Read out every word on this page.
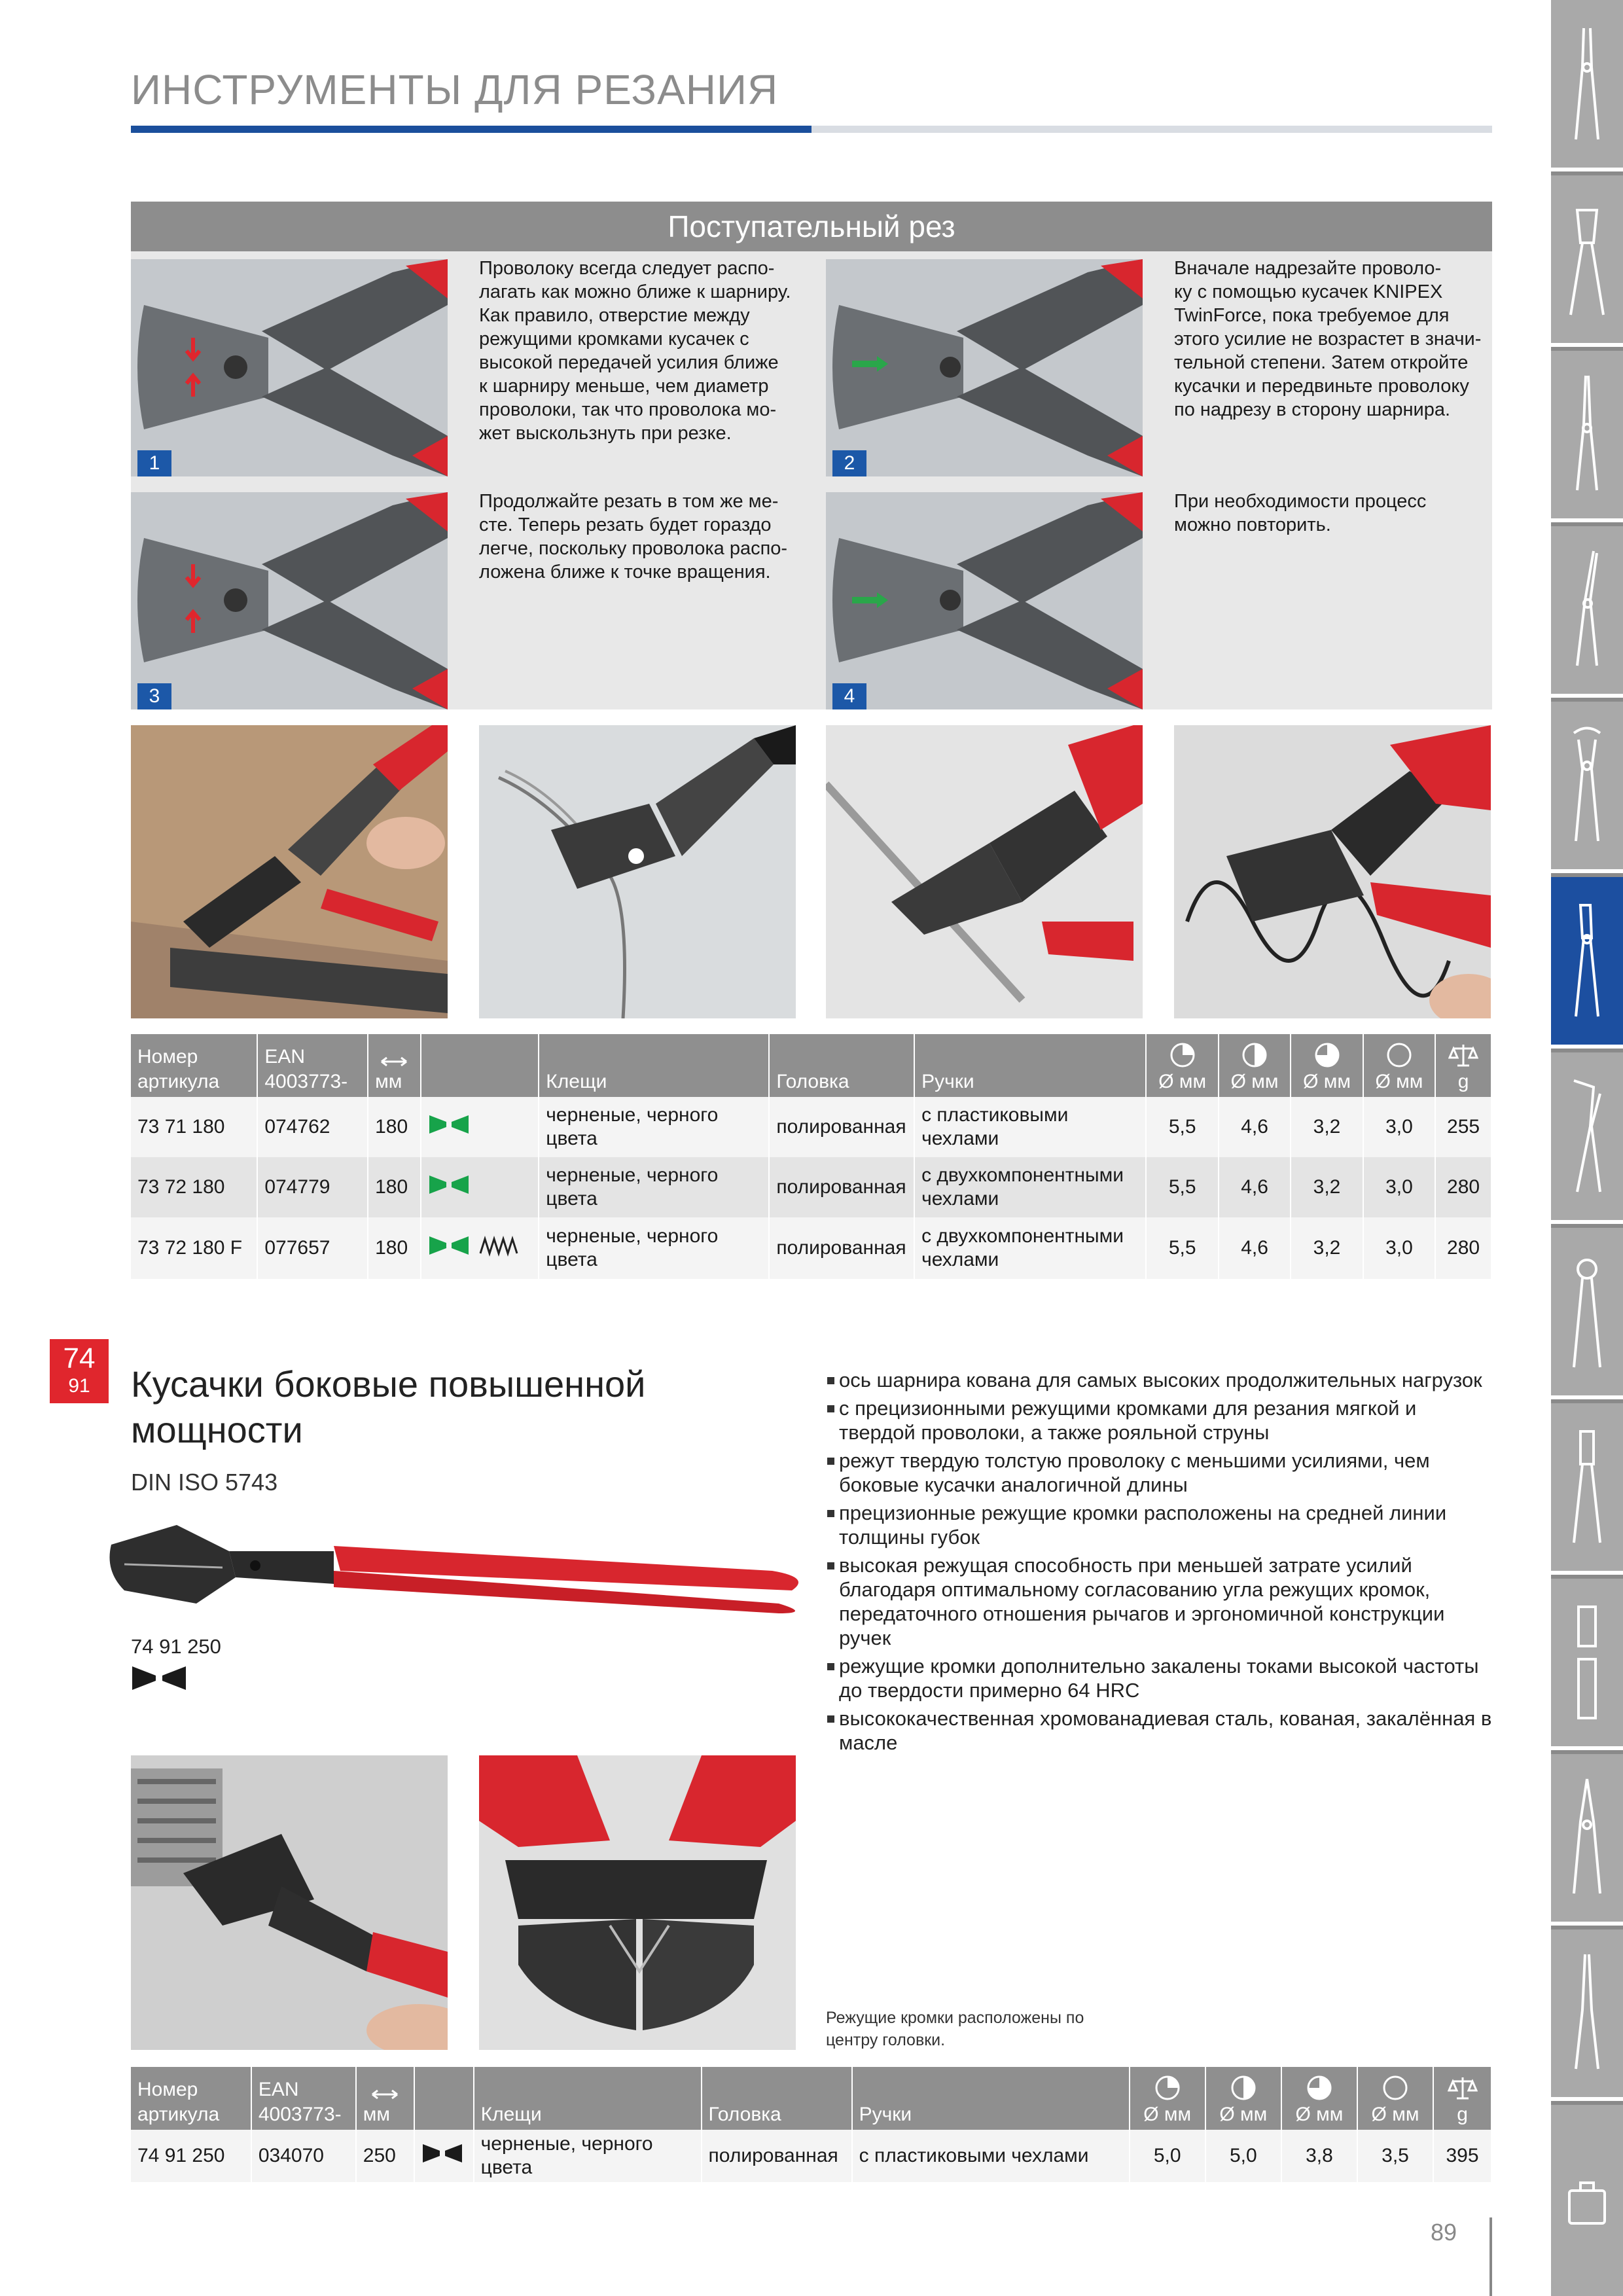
ИНСТРУМЕНТЫ ДЛЯ РЕЗАНИЯ
Поступательный рез
1
Проволоку всегда следует распо-
лагать как можно ближе к шарниру.
Как правило, отверстие между
режущими кромками кусачек с
высокой передачей усилия ближе
к шарниру меньше, чем диаметр
проволоки, так что проволока мо-
жет выскользнуть при резке.
2
Вначале надрезайте проволо-
ку с помощью кусачек KNIPEX
TwinForce, пока требуемое для
этого усилие не возрастет в значи-
тельной степени. Затем откройте
кусачки и передвиньте проволоку
по надрезу в сторону шарнира.
3
Продолжайте резать в том же ме-
сте. Теперь резать будет гораздо
легче, поскольку проволока распо-
ложена ближе к точке вращения.
4
При необходимости процесс
можно повторить.
Номер
артикула	EAN
4003773-	мм		Клещи	Головка	Ручки	Ø мм	Ø мм	Ø мм	Ø мм	g
73 71 180	074762	180		черненые, черного цвета	полированная	с пластиковыми
чехлами	5,5	4,6	3,2	3,0	255
73 72 180	074779	180		черненые, черного цвета	полированная	с двухкомпонентными
чехлами	5,5	4,6	3,2	3,0	280
73 72 180 F	077657	180		черненые, черного цвета	полированная	с двухкомпонентными
чехлами	5,5	4,6	3,2	3,0	280
74
91	Кусачки боковые повышенной мощности
DIN ISO 5743
74 91 250
ось шарнира кована для самых высоких продолжительных нагрузок
с прецизионными режущими кромками для резания мягкой и твердой проволоки, а также рояльной струны
режут твердую толстую проволоку с меньшими усилиями, чем боковые кусачки аналогичной длины
прецизионные режущие кромки расположены на средней линии толщины губок
высокая режущая способность при меньшей затрате усилий благодаря оптимальному согласованию угла режущих кромок, передаточного отношения рычагов и эргономичной конструкции ручек
режущие кромки дополнительно закалены токами высокой частоты до твердости примерно 64 HRC
высококачественная хромованадиевая сталь, кованая, закалённая в масле
Режущие кромки расположены по центру головки.
Номер
артикула	EAN
4003773-	мм		Клещи	Головка	Ручки	Ø мм	Ø мм	Ø мм	Ø мм	g
74 91 250	034070	250		черненые, черного цвета	полированная	с пластиковыми чехлами	5,0	5,0	3,8	3,5	395
89
